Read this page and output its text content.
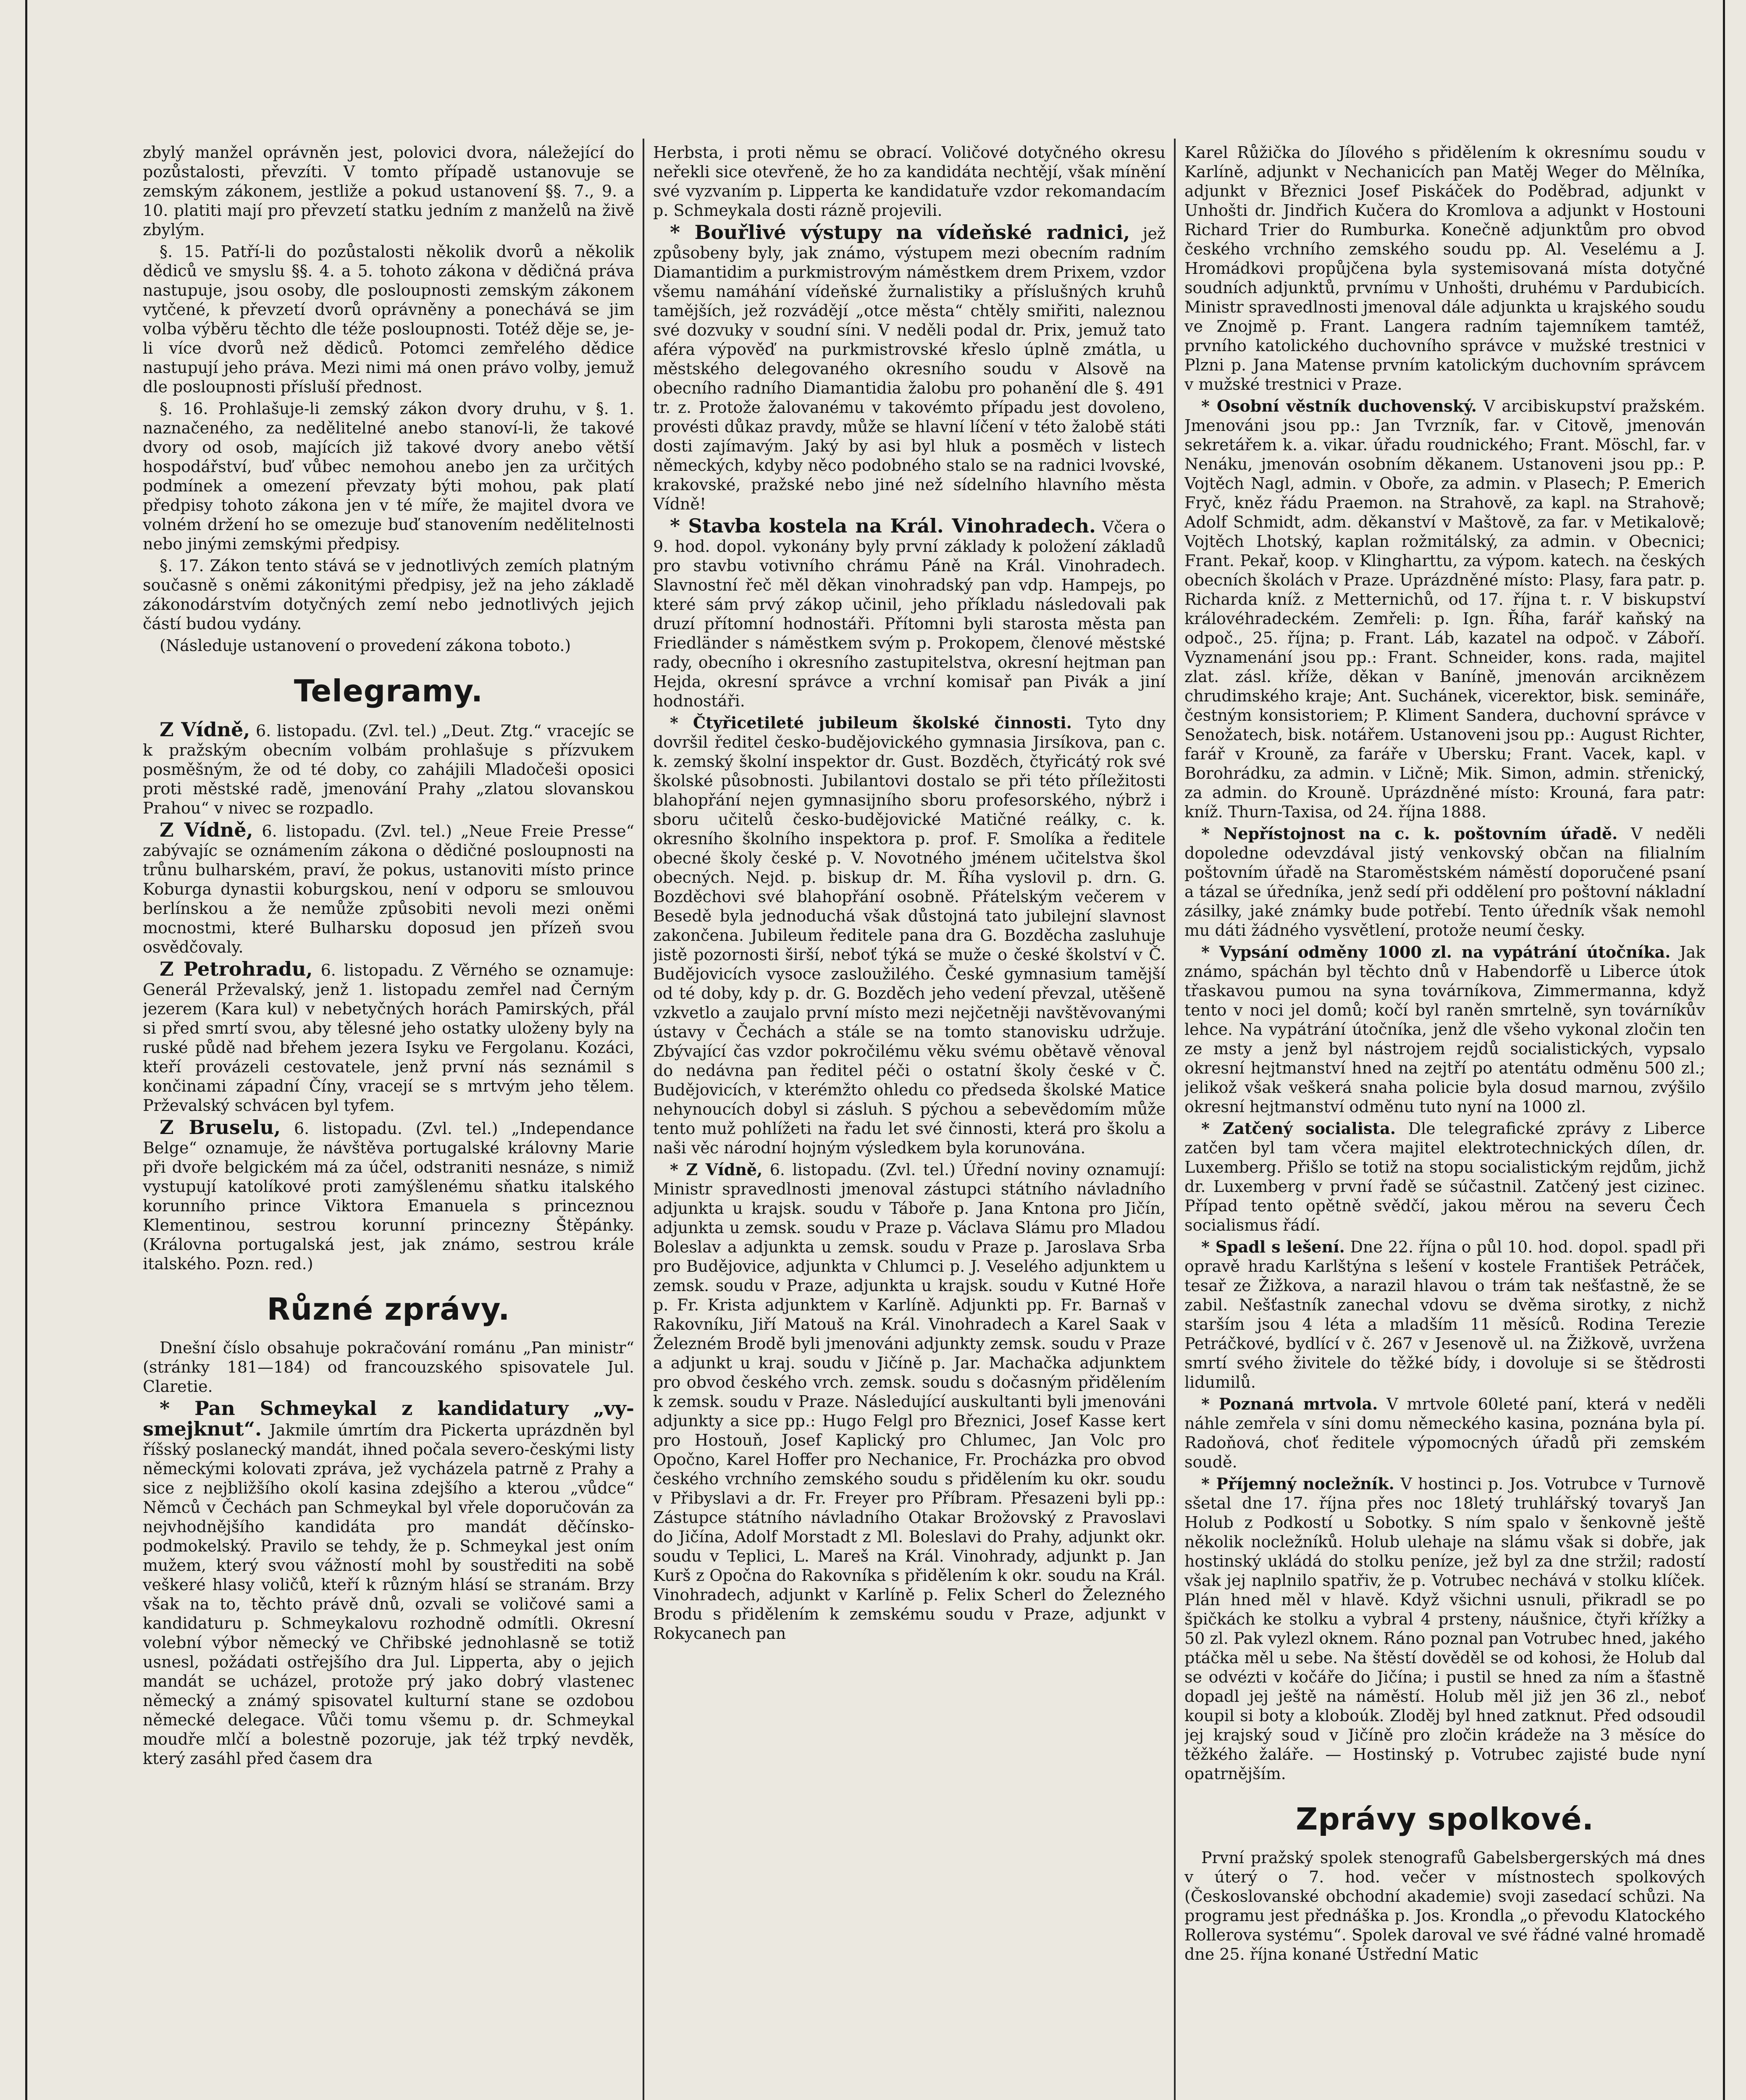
zbylý manžel oprávněn jest, polovici dvora, náležející do pozůstalosti, převzíti. V tomto případě ustanovuje se zemským zákonem, jestliže a pokud ustanovení §§. 7., 9. a 10. platiti mají pro převzetí statku jedním z manželů na živě zbylým.

§. 15. Patří-li do pozůstalosti několik dvorů a několik dědiců ve smyslu §§. 4. a 5. tohoto zákona v dědičná práva nastupuje, jsou osoby, dle posloupnosti zemským zákonem vytčené, k převzetí dvorů oprávněny a ponechává se jim volba výběru těchto dle téže posloupnosti. Totéž děje se, je-li více dvorů než dědiců. Potomci zemřelého dědice nastupují jeho práva. Mezi nimi má onen právo volby, jemuž dle posloupnosti přísluší přednost.

§. 16. Prohlašuje-li zemský zákon dvory druhu, v §. 1. naznačeného, za nedělitelné anebo stanoví-li, že takové dvory od osob, majících již takové dvory anebo větší hospodářství, buď vůbec nemohou anebo jen za určitých podmínek a omezení převzaty býti mohou, pak platí předpisy tohoto zákona jen v té míře, že majitel dvora ve volném držení ho se omezuje buď stanovením nedělitelnosti nebo jinými zemskými předpisy.

§. 17. Zákon tento stává se v jednotlivých zemích platným současně s oněmi zákonitými předpisy, jež na jeho základě zákonodárstvím dotyčných zemí nebo jednotlivých jejich částí budou vydány.

(Následuje ustanovení o provedení zákona toboto.)

Telegramy.

Z Vídně, 6. listopadu. (Zvl. tel.) „Deut. Ztg.“ vracejíc se k pražským obecním volbám prohlašuje s přízvukem posměšným, že od té doby, co zahájili Mladočeši oposici proti městské radě, jmenování Prahy „zlatou slovanskou Prahou“ v nivec se rozpadlo.

Z Vídně, 6. listopadu. (Zvl. tel.) „Neue Freie Presse“ zabývajíc se oznámením zákona o dědičné posloupnosti na trůnu bulharském, praví, že pokus, ustanoviti místo prince Koburga dynastii koburgskou, není v odporu se smlouvou berlínskou a že nemůže způsobiti nevoli mezi oněmi mocnostmi, které Bulharsku doposud jen přízeň svou osvědčovaly.

Z Petrohradu, 6. listopadu. Z Věrného se oznamuje: Generál Prževalský, jenž 1. listopadu zemřel nad Černým jezerem (Kara kul) v nebetyčných horách Pamirských, přál si před smrtí svou, aby tělesné jeho ostatky uloženy byly na ruské půdě nad břehem jezera Isyku ve Fergolanu. Kozáci, kteří provázeli cestovatele, jenž první nás seznámil s končinami západní Číny, vracejí se s mrtvým jeho tělem. Prževalský schvácen byl tyfem.

Z Bruselu, 6. listopadu. (Zvl. tel.) „Independance Belge“ oznamuje, že návštěva portugalské královny Marie při dvoře belgickém má za účel, odstraniti nesnáze, s nimiž vystupují katolíkové proti zamýšlenému sňatku italského korunního prince Viktora Emanuela s princeznou Klementinou, sestrou korunní princezny Štěpánky. (Královna portugalská jest, jak známo, sestrou krále italského. Pozn. red.)

Různé zprávy.

Dnešní číslo obsahuje pokračování románu „Pan ministr“ (stránky 181—184) od francouzského spisovatele Jul. Claretie.

* Pan Schmeykal z kandidatury „vy-smejknut“. Jakmile úmrtím dra Pickerta uprázdněn byl říšský poslanecký mandát, ihned počala severo-českými listy německými kolovati zpráva, jež vycházela patrně z Prahy a sice z nejbližšího okolí kasina zdejšího a kterou „vůdce“ Němců v Čechách pan Schmeykal byl vřele doporučován za nejvhodnějšího kandidáta pro mandát děčínsko-podmokelský. Pravilo se tehdy, že p. Schmeykal jest oním mužem, který svou vážností mohl by soustřediti na sobě veškeré hlasy voličů, kteří k různým hlásí se stranám. Brzy však na to, těchto právě dnů, ozvali se voličové sami a kandidaturu p. Schmeykalovu rozhodně odmítli. Okresní volební výbor německý ve Chřibské jednohlasně se totiž usnesl, požádati ostřejšího dra Jul. Lipperta, aby o jejich mandát se ucházel, protože prý jako dobrý vlastenec německý a známý spisovatel kulturní stane se ozdobou německé delegace. Vůči tomu všemu p. dr. Schmeykal moudře mlčí a bolestně pozoruje, jak též trpký nevděk, který zasáhl před časem dra

Herbsta, i proti němu se obrací. Voličové dotyčného okresu neřekli sice otevřeně, že ho za kandidáta nechtějí, však mínění své vyzvaním p. Lipperta ke kandidatuře vzdor rekomandacím p. Schmeykala dosti rázně projevili.

* Bouřlivé výstupy na vídeňské radnici, jež způsobeny byly, jak známo, výstupem mezi obecním radním Diamantidim a purkmistrovým náměstkem drem Prixem, vzdor všemu namáhání vídeňské žurnalistiky a příslušných kruhů tamějších, jež rozvádějí „otce města“ chtěly smiřiti, naleznou své dozvuky v soudní síni. V neděli podal dr. Prix, jemuž tato aféra výpověď na purkmistrovské křeslo úplně zmátla, u městského delegovaného okresního soudu v Alsově na obecního radního Diamantidia žalobu pro pohanění dle §. 491 tr. z. Protože žalovanému v takovémto případu jest dovoleno, provésti důkaz pravdy, může se hlavní líčení v této žalobě státi dosti zajímavým. Jaký by asi byl hluk a posměch v listech německých, kdyby něco podobného stalo se na radnici lvovské, krakovské, pražské nebo jiné než sídelního hlavního města Vídně!

* Stavba kostela na Král. Vinohradech. Včera o 9. hod. dopol. vykonány byly první základy k položení základů pro stavbu votivního chrámu Páně na Král. Vinohradech. Slavnostní řeč měl děkan vinohradský pan vdp. Hampejs, po které sám prvý zákop učinil, jeho příkladu následovali pak druzí přítomní hodnostáři. Přítomni byli starosta města pan Friedländer s náměstkem svým p. Prokopem, členové městské rady, obecního i okresního zastupitelstva, okresní hejtman pan Hejda, okresní správce a vrchní komisař pan Pivák a jiní hodnostáři.

* Čtyřicetileté jubileum školské činnosti. Tyto dny dovršil ředitel česko-budějovického gymnasia Jirsíkova, pan c. k. zemský školní inspektor dr. Gust. Bozděch, čtyřicátý rok své školské působnosti. Jubilantovi dostalo se při této příležitosti blahopřání nejen gymnasijního sboru profesorského, nýbrž i sboru učitelů česko-budějovické Matičné reálky, c. k. okresního školního inspektora p. prof. F. Smolíka a ředitele obecné školy české p. V. Novotného jménem učitelstva škol obecných. Nejd. p. biskup dr. M. Říha vyslovil p. drn. G. Bozděchovi své blahopřání osobně. Přátelským večerem v Besedě byla jednoduchá však důstojná tato jubilejní slavnost zakončena. Jubileum ředitele pana dra G. Bozděcha zasluhuje jistě pozornosti širší, neboť týká se muže o české školství v Č. Budějovicích vysoce zasloužilého. České gymnasium tamější od té doby, kdy p. dr. G. Bozděch jeho vedení převzal, utěšeně vzkvetlo a zaujalo první místo mezi nejčetněji navštěvovanými ústavy v Čechách a stále se na tomto stanovisku udržuje. Zbývající čas vzdor pokročilému věku svému obětavě věnoval do nedávna pan ředitel péči o ostatní školy české v Č. Budějovicích, v kterémžto ohledu co předseda školské Matice nehynoucích dobyl si zásluh. S pýchou a sebevědomím může tento muž pohlížeti na řadu let své činnosti, která pro školu a naši věc národní hojným výsledkem byla korunována.

* Z Vídně, 6. listopadu. (Zvl. tel.) Úřední noviny oznamují: Ministr spravedlnosti jmenoval zástupci státního návladního adjunkta u krajsk. soudu v Táboře p. Jana Kntona pro Jičín, adjunkta u zemsk. soudu v Praze p. Václava Slámu pro Mladou Boleslav a adjunkta u zemsk. soudu v Praze p. Jaroslava Srba pro Budějovice, adjunkta v Chlumci p. J. Veselého adjunktem u zemsk. soudu v Praze, adjunkta u krajsk. soudu v Kutné Hoře p. Fr. Krista adjunktem v Karlíně. Adjunkti pp. Fr. Barnaš v Rakovníku, Jiří Matouš na Král. Vinohradech a Karel Saak v Železném Brodě byli jmenováni adjunkty zemsk. soudu v Praze a adjunkt u kraj. soudu v Jičíně p. Jar. Machačka adjunktem pro obvod českého vrch. zemsk. soudu s dočasným přidělením k zemsk. soudu v Praze. Následující auskultanti byli jmenováni adjunkty a sice pp.: Hugo Felgl pro Březnici, Josef Kasse kert pro Hostouň, Josef Kaplický pro Chlumec, Jan Volc pro Opočno, Karel Hoffer pro Nechanice, Fr. Procházka pro obvod českého vrchního zemského soudu s přidělením ku okr. soudu v Přibyslavi a dr. Fr. Freyer pro Příbram. Přesazeni byli pp.: Zástupce státního návladního Otakar Brožovský z Pravoslavi do Jičína, Adolf Morstadt z Ml. Boleslavi do Prahy, adjunkt okr. soudu v Teplici, L. Mareš na Král. Vinohrady, adjunkt p. Jan Kurš z Opočna do Rakovníka s přidělením k okr. soudu na Král. Vinohradech, adjunkt v Karlíně p. Felix Scherl do Železného Brodu s přidělením k zemskému soudu v Praze, adjunkt v Rokycanech pan

Karel Růžička do Jílového s přidělením k okresnímu soudu v Karlíně, adjunkt v Nechanicích pan Matěj Weger do Mělníka, adjunkt v Březnici Josef Piskáček do Poděbrad, adjunkt v Unhošti dr. Jindřich Kučera do Kromlova a adjunkt v Hostouni Richard Trier do Rumburka. Konečně adjunktům pro obvod českého vrchního zemského soudu pp. Al. Veselému a J. Hromádkovi propůjčena byla systemisovaná místa dotyčné soudních adjunktů, prvnímu v Unhošti, druhému v Pardubicích. Ministr spravedlnosti jmenoval dále adjunkta u krajského soudu ve Znojmě p. Frant. Langera radním tajemníkem tamtéž, prvního katolického duchovního správce v mužské trestnici v Plzni p. Jana Matense prvním katolickým duchovním správcem v mužské trestnici v Praze.

* Osobní věstník duchovenský. V arcibiskupství pražském. Jmenováni jsou pp.: Jan Tvrzník, far. v Citově, jmenován sekretářem k. a. vikar. úřadu roudnického; Frant. Möschl, far. v Nenáku, jmenován osobním děkanem. Ustanoveni jsou pp.: P. Vojtěch Nagl, admin. v Oboře, za admin. v Plasech; P. Emerich Fryč, kněz řádu Praemon. na Strahově, za kapl. na Strahově; Adolf Schmidt, adm. děkanství v Maštově, za far. v Metikalově; Vojtěch Lhotský, kaplan rožmitálský, za admin. v Obecnici; Frant. Pekař, koop. v Klingharttu, za výpom. katech. na českých obecních školách v Praze. Uprázdněné místo: Plasy, fara patr. p. Richarda kníž. z Metternichů, od 17. října t. r. V biskupství královéhradeckém. Zemřeli: p. Ign. Říha, farář kaňský na odpoč., 25. října; p. Frant. Láb, kazatel na odpoč. v Záboří. Vyznamenání jsou pp.: Frant. Schneider, kons. rada, majitel zlat. zásl. kříže, děkan v Baníně, jmenován arciknězem chrudimského kraje; Ant. Suchánek, vicerektor, bisk. semináře, čestným konsistoriem; P. Kliment Sandera, duchovní správce v Senožatech, bisk. notářem. Ustanoveni jsou pp.: August Richter, farář v Krouně, za faráře v Ubersku; Frant. Vacek, kapl. v Borohrádku, za admin. v Ličně; Mik. Simon, admin. střenický, za admin. do Krouně. Uprázdněné místo: Krouná, fara patr: kníž. Thurn-Taxisa, od 24. října 1888.

* Nepřístojnost na c. k. poštovním úřadě. V neděli dopoledne odevzdával jistý venkovský občan na filialním poštovním úřadě na Staroměstském náměstí doporučené psaní a tázal se úředníka, jenž sedí při oddělení pro poštovní nákladní zásilky, jaké známky bude potřebí. Tento úředník však nemohl mu dáti žádného vysvětlení, protože neumí česky.

* Vypsání odměny 1000 zl. na vypátrání útočníka. Jak známo, spáchán byl těchto dnů v Habendorfě u Liberce útok třaskavou pumou na syna továrníkova, Zimmermanna, když tento v noci jel domů; kočí byl raněn smrtelně, syn továrníkův lehce. Na vypátrání útočníka, jenž dle všeho vykonal zločin ten ze msty a jenž byl nástrojem rejdů socialistických, vypsalo okresní hejtmanství hned na zejtří po atentátu odměnu 500 zl.; jelikož však veškerá snaha policie byla dosud marnou, zvýšilo okresní hejtmanství odměnu tuto nyní na 1000 zl.

* Zatčený socialista. Dle telegrafické zprávy z Liberce zatčen byl tam včera majitel elektrotechnických dílen, dr. Luxemberg. Přišlo se totiž na stopu socialistickým rejdům, jichž dr. Luxemberg v první řadě se súčastnil. Zatčený jest cizinec. Případ tento opětně svědčí, jakou měrou na severu Čech socialismus řádí.

* Spadl s lešení. Dne 22. října o půl 10. hod. dopol. spadl při opravě hradu Karlštýna s lešení v kostele František Petráček, tesař ze Žižkova, a narazil hlavou o trám tak nešťastně, že se zabil. Nešťastník zanechal vdovu se dvěma sirotky, z nichž starším jsou 4 léta a mladším 11 měsíců. Rodina Terezie Petráčkové, bydlící v č. 267 v Jesenově ul. na Žižkově, uvržena smrtí svého živitele do těžké bídy, i dovoluje si se štědrosti lidumilů.

* Poznaná mrtvola. V mrtvole 60leté paní, která v neděli náhle zemřela v síni domu německého kasina, poznána byla pí. Radoňová, choť ředitele výpomocných úřadů při zemském soudě.

* Příjemný nocležník. V hostinci p. Jos. Votrubce v Turnově sšetal dne 17. října přes noc 18letý truhlářský tovaryš Jan Holub z Podkostí u Sobotky. S ním spalo v šenkovně ještě několik nocležníků. Holub ulehaje na slámu však si dobře, jak hostinský ukládá do stolku peníze, jež byl za dne stržil; radostí však jej naplnilo spatřiv, že p. Votrubec nechává v stolku klíček. Plán hned měl v hlavě. Když všichni usnuli, přikradl se po špičkách ke stolku a vybral 4 prsteny, náušnice, čtyři křížky a 50 zl. Pak vylezl oknem. Ráno poznal pan Votrubec hned, jakého ptáčka měl u sebe. Na štěstí dověděl se od kohosi, že Holub dal se odvézti v kočáře do Jičína; i pustil se hned za ním a šťastně dopadl jej ještě na náměstí. Holub měl již jen 36 zl., neboť koupil si boty a kloboúk. Zloděj byl hned zatknut. Před odsoudil jej krajský soud v Jičíně pro zločin krádeže na 3 měsíce do těžkého žaláře. — Hostinský p. Votrubec zajisté bude nyní opatrnějším.

Zprávy spolkové.

První pražský spolek stenografů Gabelsbergerských má dnes v úterý o 7. hod. večer v místnostech spolkových (Českoslovanské obchodní akademie) svoji zasedací schůzi. Na programu jest přednáška p. Jos. Krondla „o převodu Klatockého Rollerova systému“. Spolek daroval ve své řádné valné hromadě dne 25. října konané Ústřední Matic
